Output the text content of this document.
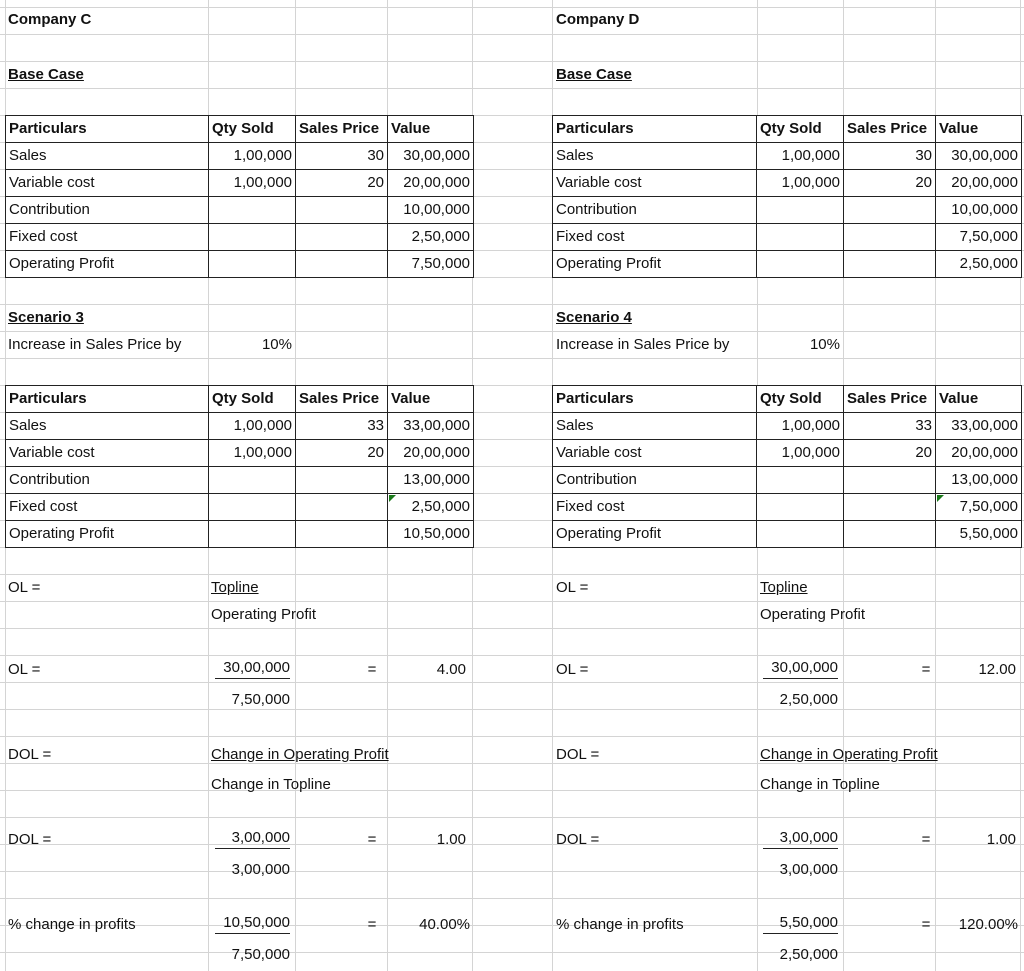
Company C
Base Case
Particulars	Qty Sold	Sales Price	Value
Sales	1,00,000	30	30,00,000
Variable cost	1,00,000	20	20,00,000
Contribution			10,00,000
Fixed cost			2,50,000
Operating Profit			7,50,000
Scenario 3
Increase in Sales Price by	10%
Particulars	Qty Sold	Sales Price	Value
Sales	1,00,000	33	33,00,000
Variable cost	1,00,000	20	20,00,000
Contribution			13,00,000
Fixed cost			2,50,000
Operating Profit			10,50,000
OL =	Topline
Operating Profit
OL =	30,00,000
7,50,000
=	4.00
DOL =	Change in Operating Profit
Change in Topline
DOL =	3,00,000
3,00,000
=	1.00
% change in profits	10,50,000
7,50,000
=	40.00%
Company D
Base Case
Particulars	Qty Sold	Sales Price	Value
Sales	1,00,000	30	30,00,000
Variable cost	1,00,000	20	20,00,000
Contribution			10,00,000
Fixed cost			7,50,000
Operating Profit			2,50,000
Scenario 4
Increase in Sales Price by	10%
Particulars	Qty Sold	Sales Price	Value
Sales	1,00,000	33	33,00,000
Variable cost	1,00,000	20	20,00,000
Contribution			13,00,000
Fixed cost			7,50,000
Operating Profit			5,50,000
OL =	Topline
Operating Profit
OL =	30,00,000
2,50,000
=	12.00
DOL =	Change in Operating Profit
Change in Topline
DOL =	3,00,000
3,00,000
=	1.00
% change in profits	5,50,000
2,50,000
=	120.00%
